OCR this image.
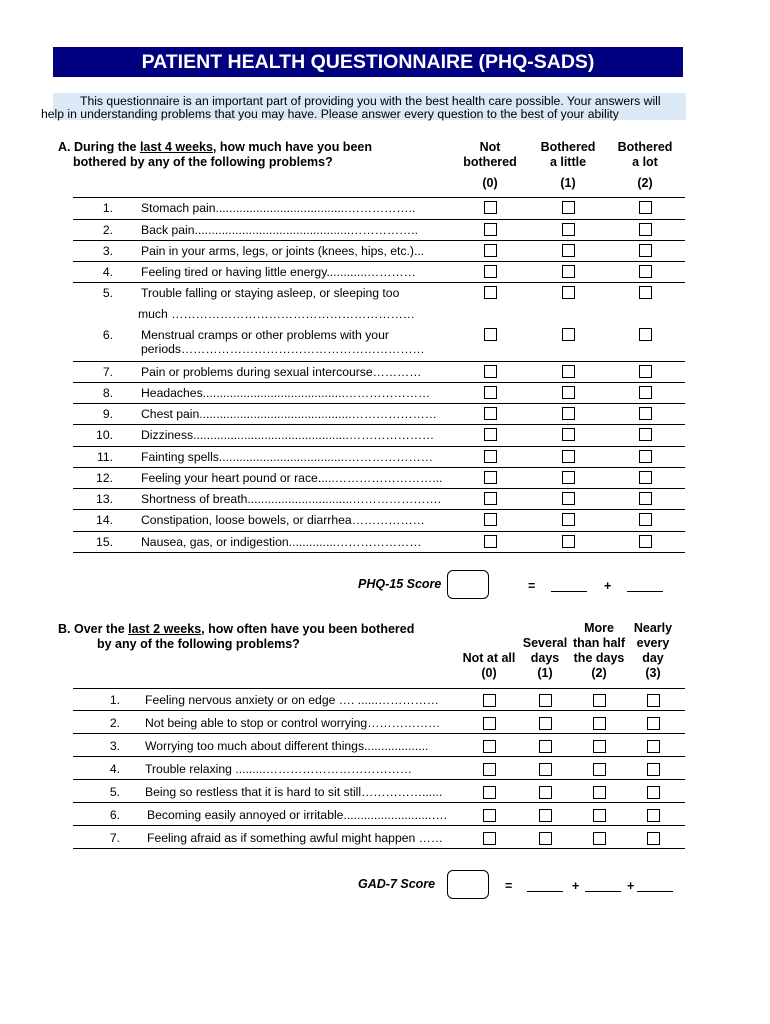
PATIENT HEALTH QUESTIONNAIRE (PHQ-SADS)
This questionnaire is an important part of providing you with the best health care possible. Your answers will
help in understanding problems that you may have. Please answer every question to the best of your ability
A. During the last 4 weeks, how much have you been
bothered by any of the following problems?
Not
bothered
(0)
Bothered
a little
(1)
Bothered
a lot
(2)
1. Stomach pain.......................................……………..
2. Back pain..............................................……………..
3. Pain in your arms, legs, or joints (knees, hips, etc.)...
4. Feeling tired or having little energy............…………
5. Trouble falling or staying asleep, or sleeping too
much ……………………………………………………
6. Menstrual cramps or other problems with your
periods……………………………………………………
7. Pain or problems during sexual intercourse…………
8. Headaches..........................................…………………
9. Chest pain.............................................…………………
10. Dizziness..............................................…………………
11. Fainting spells......................................…………………
12. Feeling your heart pound or race.....……………………...
13. Shortness of breath...............................………………….
14. Constipation, loose bowels, or diarrhea………………
15. Nausea, gas, or indigestion..............…………………
PHQ-15 Score	=	+
B. Over the last 2 weeks, how often have you been bothered
by any of the following problems?
Not at all
(0)
Several
days
(1)
More
than half
the days
(2)
Nearly
every
day
(3)
1. Feeling nervous anxiety or on edge …. ......……………
2. Not being able to stop or control worrying………………
3. Worrying too much about different things...................
4. Trouble relaxing .........………………………………
5. Being so restless that it is hard to sit still……………......
6. Becoming easily annoyed or irritable..........................….
7. Feeling afraid as if something awful might happen ……
GAD-7 Score	=	+	+
